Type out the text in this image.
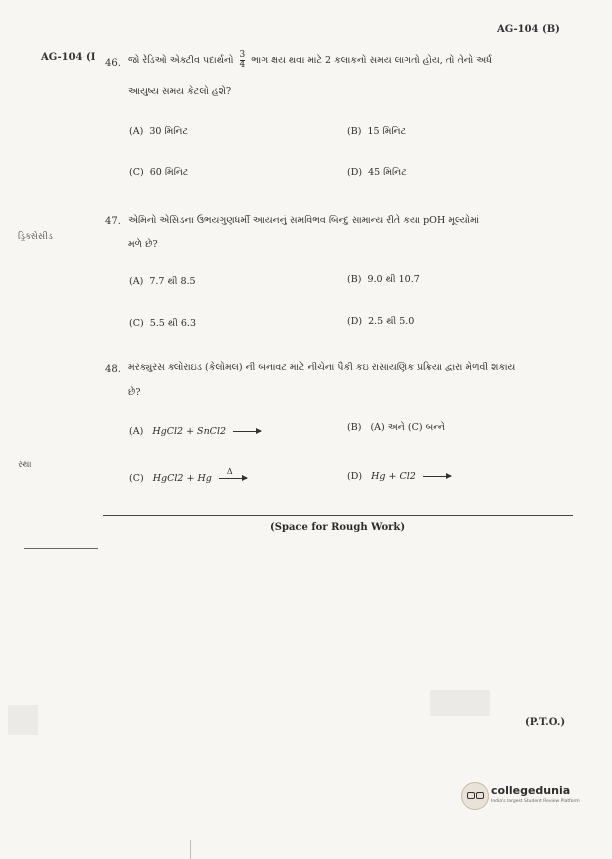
AG-104 (B)
AG-104 (I
ડ્રિક્સેસીડ
સ્થા
46. જો રેડિઓ એક્ટીવ પદાર્થનો $\frac{3}{4}$ ભાગ ક્ષય થવા માટે 2 કલાકનો સમય લાગતો હોય, તો તેનો અર્ધ
આયુષ્ય સમય કેટલો હશે?
(A) 30 મિનિટ	(B) 15 મિનિટ
(C) 60 મિનિટ	(D) 45 મિનિટ
47. એમિનો એસિડના ઉભયગુણધર્મી આયનનું સમવિભવ બિન્દુ સામાન્ય રીતે કયા pOH મૂલ્યોમાં
મળે છે?
(A) 7.7 થી 8.5	(B) 9.0 થી 10.7
(C) 5.5 થી 6.3	(D) 2.5 થી 5.0
48. મરક્યુરસ ક્લોરાઇડ (કેલોમલ) ની બનાવટ માટે નીચેના પૈકી કઇ રાસાયણિક પ્રક્રિયા દ્વારા મેળવી શકાય
છે?
(A) HgCl2 + SnCl2 →	(B) (A) અને (C) બન્ને
(C) HgCl2 + Hg
Δ	(D) Hg + Cl2 →
(Space for Rough Work)
(P.T.O.)
collegedunia
India's largest Student Review Platform
